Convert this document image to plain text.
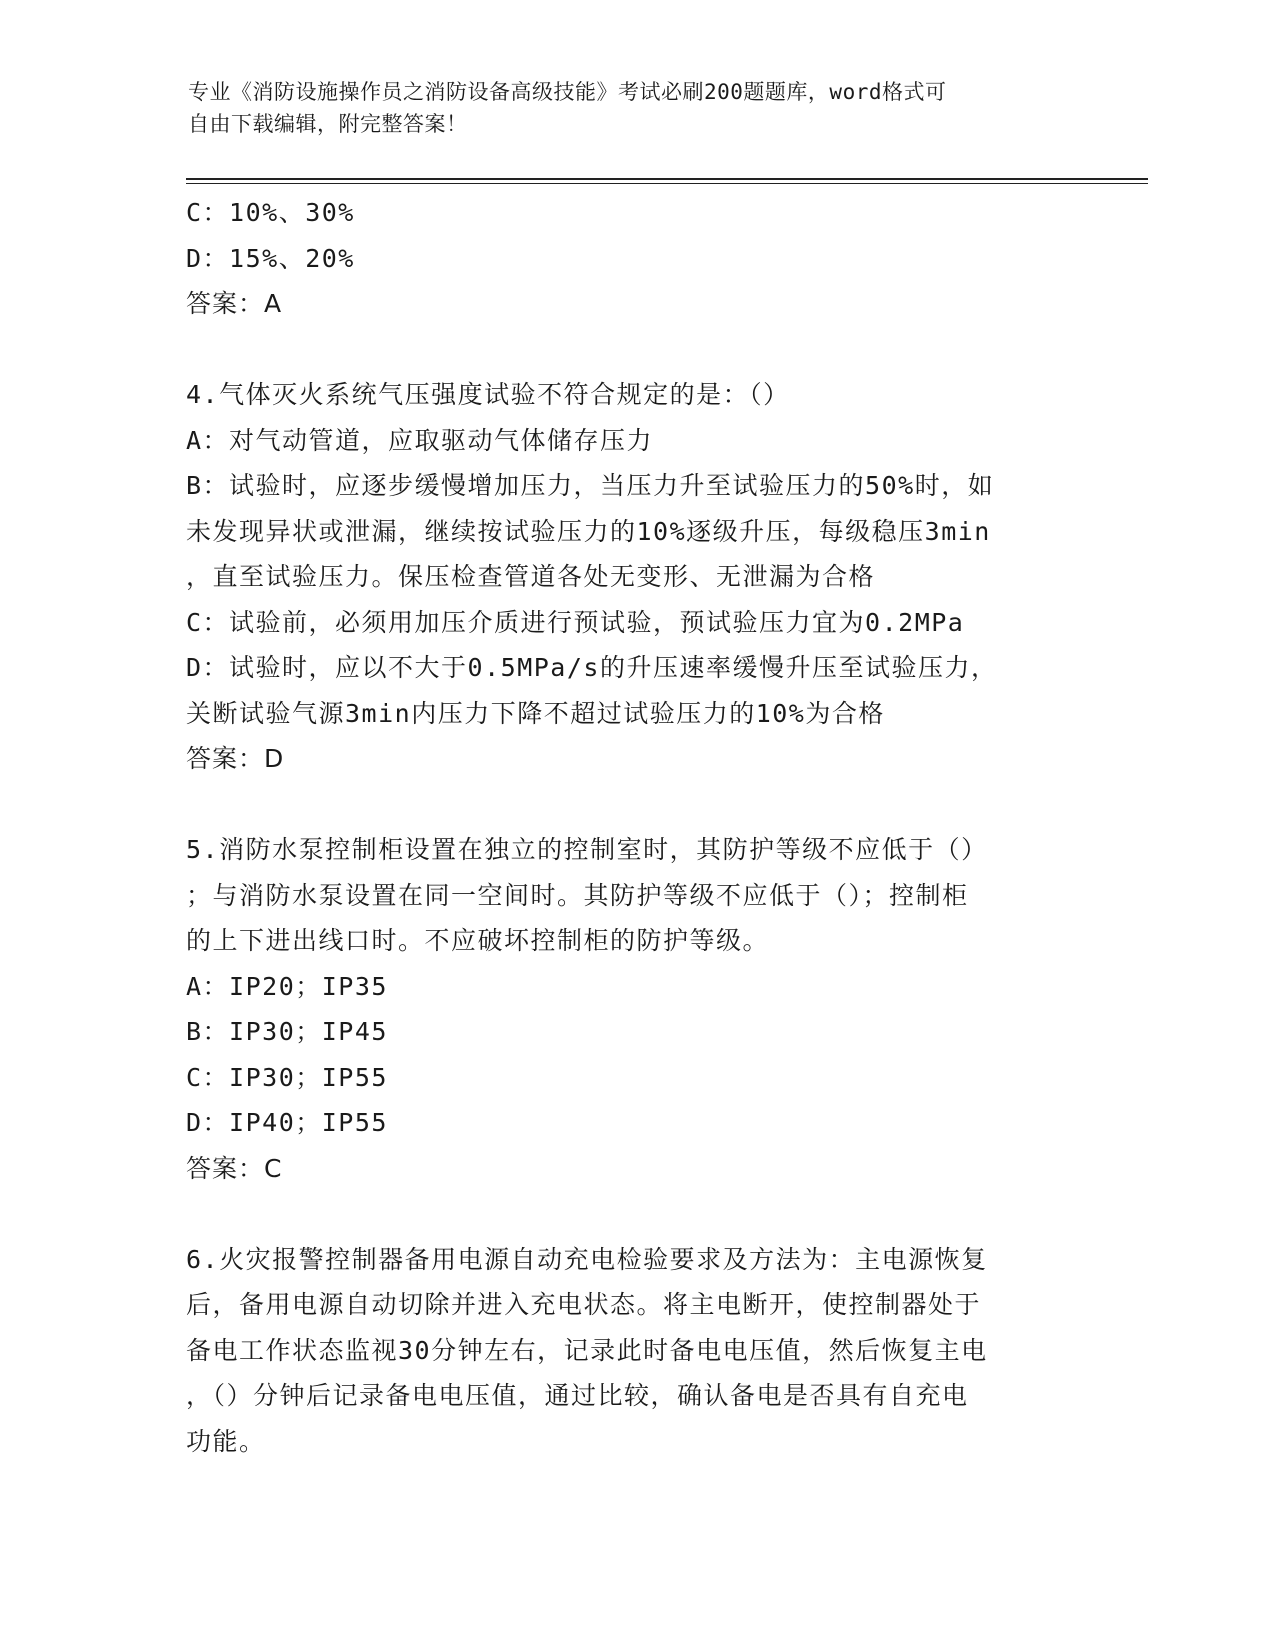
专业《消防设施操作员之消防设备高级技能》考试必刷200题题库，word格式可
自由下载编辑，附完整答案！
C：10%、30%
D：15%、20%
答案：A
4.气体灭火系统气压强度试验不符合规定的是：（）
A：对气动管道，应取驱动气体储存压力
B：试验时，应逐步缓慢增加压力，当压力升至试验压力的50%时，如
未发现异状或泄漏，继续按试验压力的10%逐级升压，每级稳压3min
，直至试验压力。保压检查管道各处无变形、无泄漏为合格
C：试验前，必须用加压介质进行预试验，预试验压力宜为0.2MPa
D：试验时，应以不大于0.5MPa/s的升压速率缓慢升压至试验压力，
关断试验气源3min内压力下降不超过试验压力的10%为合格
答案：D
5.消防水泵控制柜设置在独立的控制室时，其防护等级不应低于（）
；与消防水泵设置在同一空间时。其防护等级不应低于（）；控制柜
的上下进出线口时。不应破坏控制柜的防护等级。
A：IP20；IP35
B：IP30；IP45
C：IP30；IP55
D：IP40；IP55
答案：C
6.火灾报警控制器备用电源自动充电检验要求及方法为：主电源恢复
后，备用电源自动切除并进入充电状态。将主电断开，使控制器处于
备电工作状态监视30分钟左右，记录此时备电电压值，然后恢复主电
，（）分钟后记录备电电压值，通过比较，确认备电是否具有自充电
功能。
